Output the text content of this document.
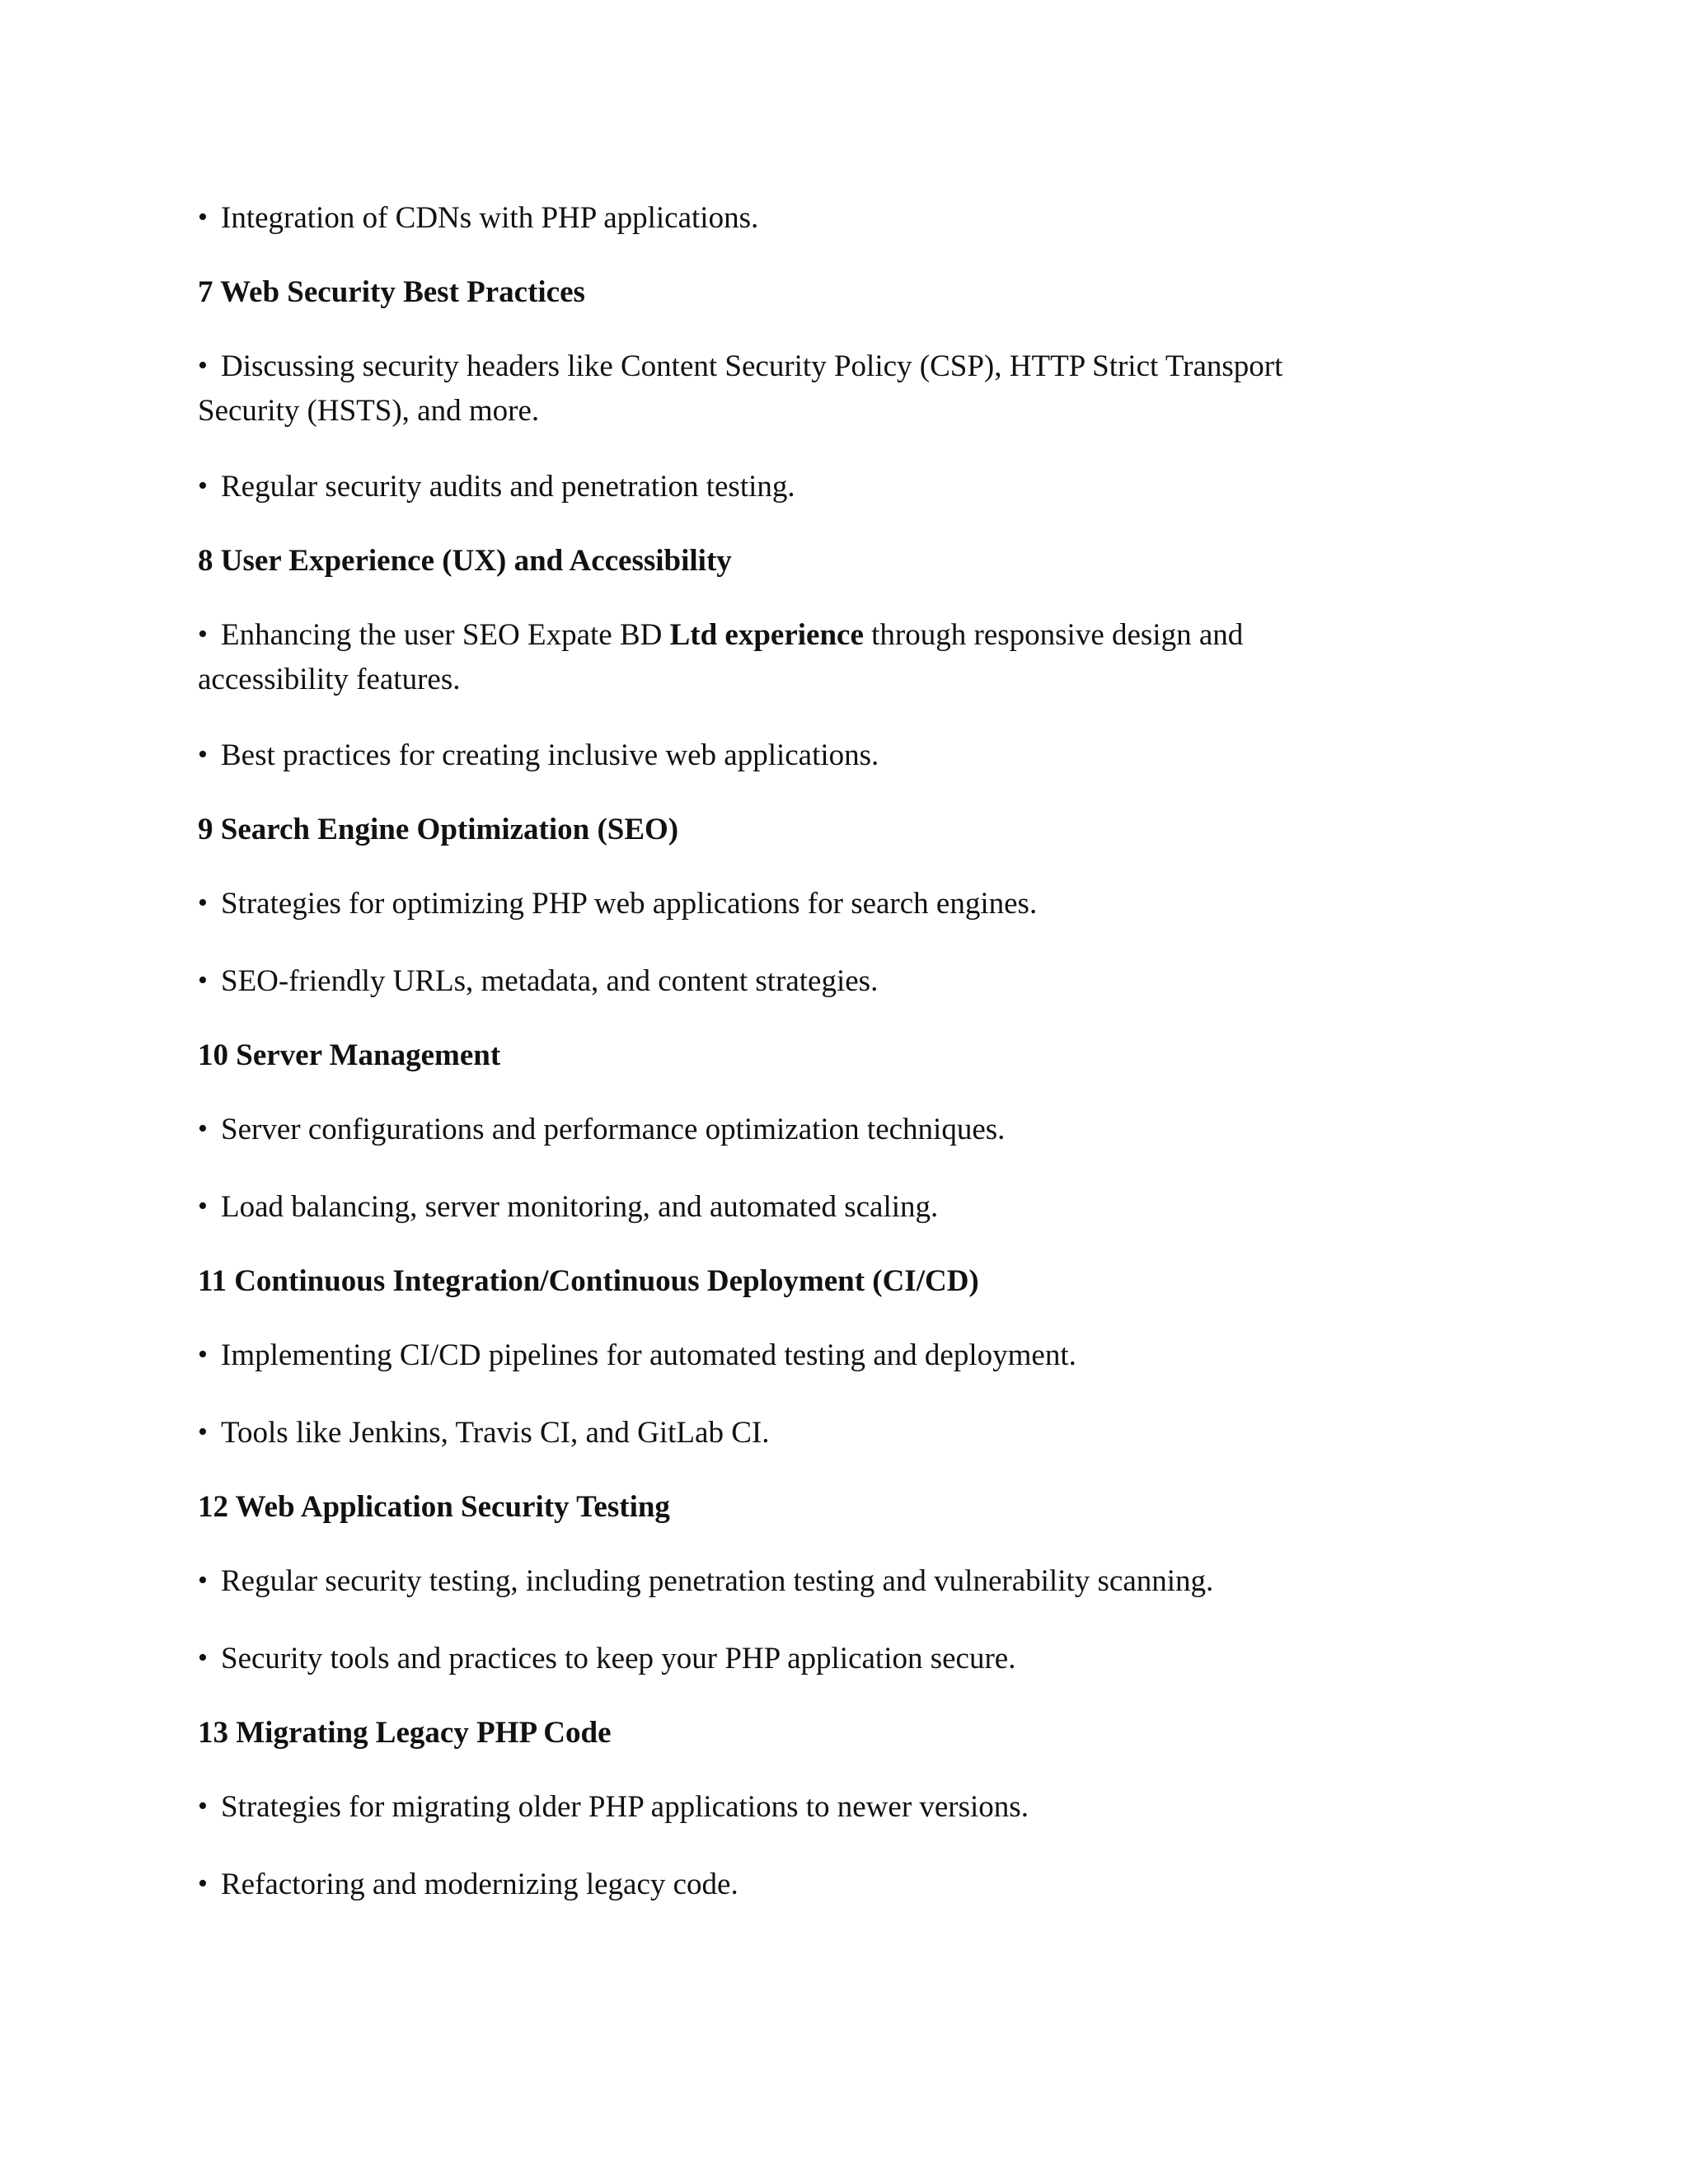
• Integration of CDNs with PHP applications.

7 Web Security Best Practices

• Discussing security headers like Content Security Policy (CSP), HTTP Strict Transport

Security (HSTS), and more.

• Regular security audits and penetration testing.

8 User Experience (UX) and Accessibility

• Enhancing the user SEO Expate BD Ltd experience through responsive design and

accessibility features.

• Best practices for creating inclusive web applications.

9 Search Engine Optimization (SEO)

• Strategies for optimizing PHP web applications for search engines.

• SEO-friendly URLs, metadata, and content strategies.

10 Server Management

• Server configurations and performance optimization techniques.

• Load balancing, server monitoring, and automated scaling.

11 Continuous Integration/Continuous Deployment (CI/CD)

• Implementing CI/CD pipelines for automated testing and deployment.

• Tools like Jenkins, Travis CI, and GitLab CI.

12 Web Application Security Testing

• Regular security testing, including penetration testing and vulnerability scanning.

• Security tools and practices to keep your PHP application secure.

13 Migrating Legacy PHP Code

• Strategies for migrating older PHP applications to newer versions.

• Refactoring and modernizing legacy code.
